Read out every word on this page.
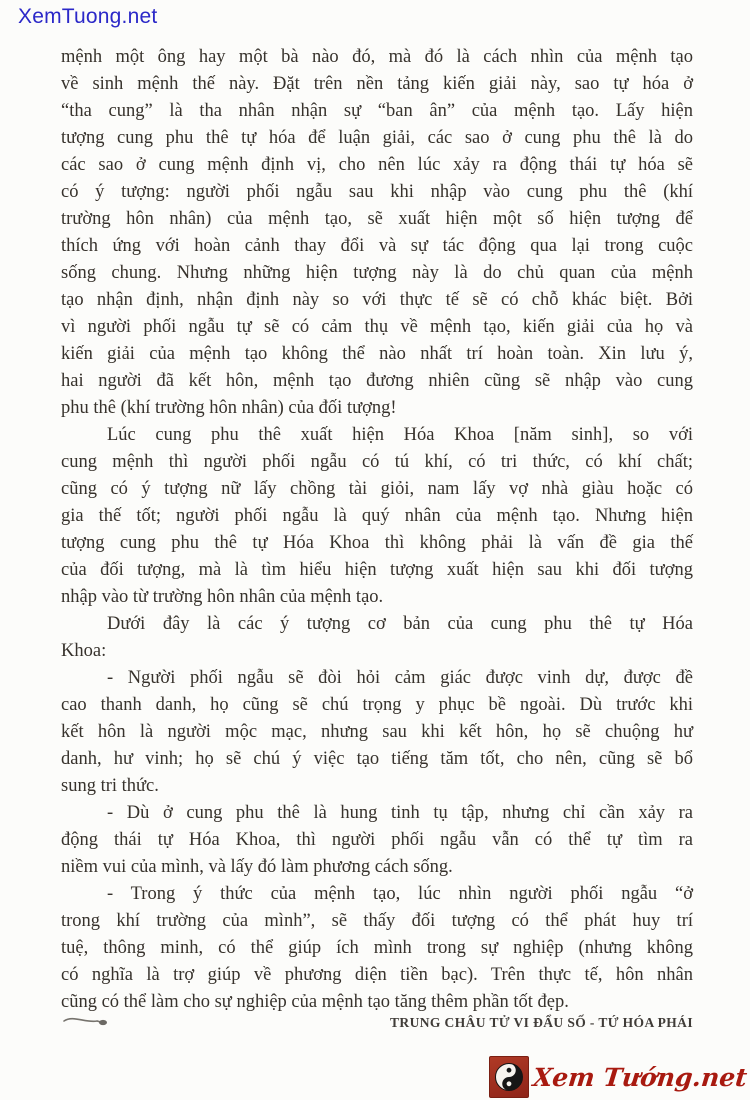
XemTuong.net
mệnh một ông hay một bà nào đó, mà đó là cách nhìn của mệnh tạo
về sinh mệnh thế này. Đặt trên nền tảng kiến giải này, sao tự hóa ở
“tha cung” là tha nhân nhận sự “ban ân” của mệnh tạo. Lấy hiện
tượng cung phu thê tự hóa để luận giải, các sao ở cung phu thê là do
các sao ở cung mệnh định vị, cho nên lúc xảy ra động thái tự hóa sẽ
có ý tượng: người phối ngẫu sau khi nhập vào cung phu thê (khí
trường hôn nhân) của mệnh tạo, sẽ xuất hiện một số hiện tượng để
thích ứng với hoàn cảnh thay đổi và sự tác động qua lại trong cuộc
sống chung. Nhưng những hiện tượng này là do chủ quan của mệnh
tạo nhận định, nhận định này so với thực tế sẽ có chỗ khác biệt. Bởi
vì người phối ngẫu tự sẽ có cảm thụ về mệnh tạo, kiến giải của họ và
kiến giải của mệnh tạo không thể nào nhất trí hoàn toàn. Xin lưu ý,
hai người đã kết hôn, mệnh tạo đương nhiên cũng sẽ nhập vào cung
phu thê (khí trường hôn nhân) của đối tượng!
Lúc cung phu thê xuất hiện Hóa Khoa [năm sinh], so với
cung mệnh thì người phối ngẫu có tú khí, có tri thức, có khí chất;
cũng có ý tượng nữ lấy chồng tài giỏi, nam lấy vợ nhà giàu hoặc có
gia thế tốt; người phối ngẫu là quý nhân của mệnh tạo. Nhưng hiện
tượng cung phu thê tự Hóa Khoa thì không phải là vấn đề gia thế
của đối tượng, mà là tìm hiểu hiện tượng xuất hiện sau khi đối tượng
nhập vào từ trường hôn nhân của mệnh tạo.
Dưới đây là các ý tượng cơ bản của cung phu thê tự Hóa
Khoa:
- Người phối ngẫu sẽ đòi hỏi cảm giác được vinh dự, được đề
cao thanh danh, họ cũng sẽ chú trọng y phục bề ngoài. Dù trước khi
kết hôn là người mộc mạc, nhưng sau khi kết hôn, họ sẽ chuộng hư
danh, hư vinh; họ sẽ chú ý việc tạo tiếng tăm tốt, cho nên, cũng sẽ bổ
sung tri thức.
- Dù ở cung phu thê là hung tinh tụ tập, nhưng chỉ cần xảy ra
động thái tự Hóa Khoa, thì người phối ngẫu vẫn có thể tự tìm ra
niềm vui của mình, và lấy đó làm phương cách sống.
- Trong ý thức của mệnh tạo, lúc nhìn người phối ngẫu “ở
trong khí trường của mình”, sẽ thấy đối tượng có thể phát huy trí
tuệ, thông minh, có thể giúp ích mình trong sự nghiệp (nhưng không
có nghĩa là trợ giúp về phương diện tiền bạc). Trên thực tế, hôn nhân
cũng có thể làm cho sự nghiệp của mệnh tạo tăng thêm phần tốt đẹp.
TRUNG CHÂU TỬ VI ĐẨU SỐ - TỨ HÓA PHÁI
Xem Tướng.net
